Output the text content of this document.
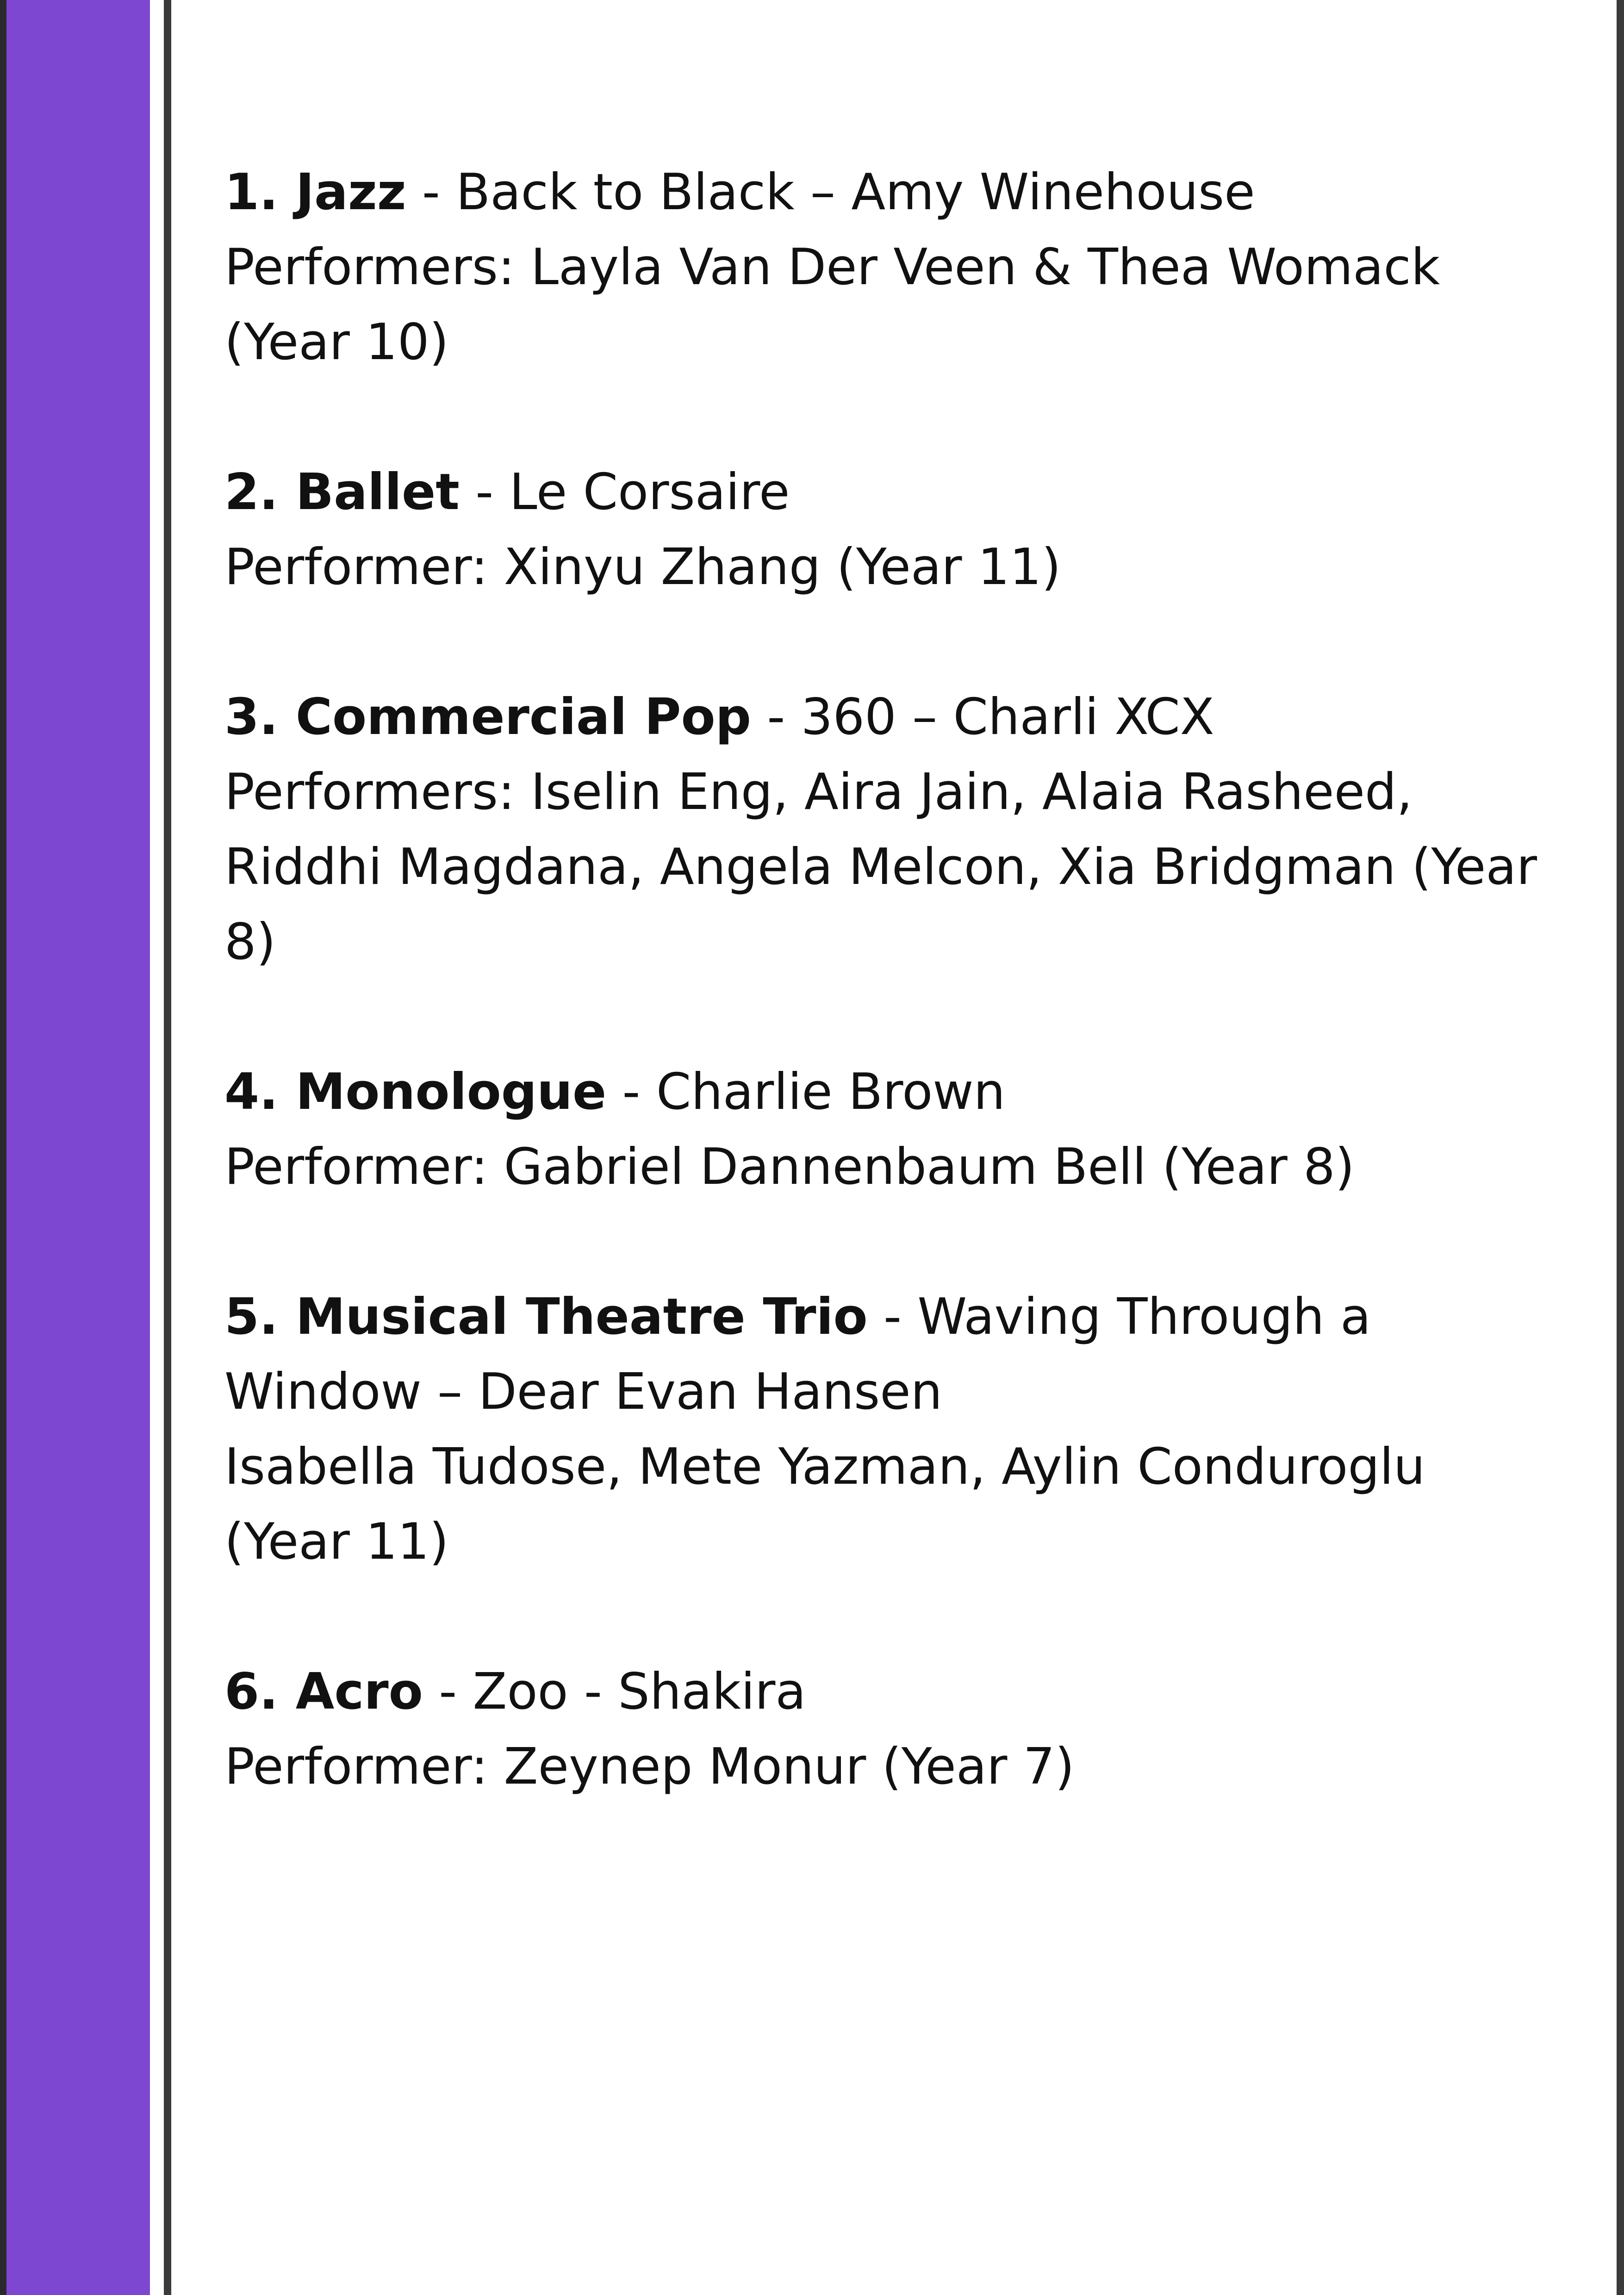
1. Jazz - Back to Black – Amy Winehouse
Performers: Layla Van Der Veen & Thea Womack (Year 10)
2. Ballet - Le Corsaire
Performer: Xinyu Zhang (Year 11)
3. Commercial Pop - 360 – Charli XCX
Performers: Iselin Eng, Aira Jain, Alaia Rasheed, Riddhi Magdana, Angela Melcon, Xia Bridgman (Year 8)
4. Monologue - Charlie Brown
Performer: Gabriel Dannenbaum Bell (Year 8)
5. Musical Theatre Trio - Waving Through a Window – Dear Evan Hansen
Isabella Tudose, Mete Yazman, Aylin Conduroglu (Year 11)
6. Acro - Zoo - Shakira
Performer: Zeynep Monur (Year 7)
